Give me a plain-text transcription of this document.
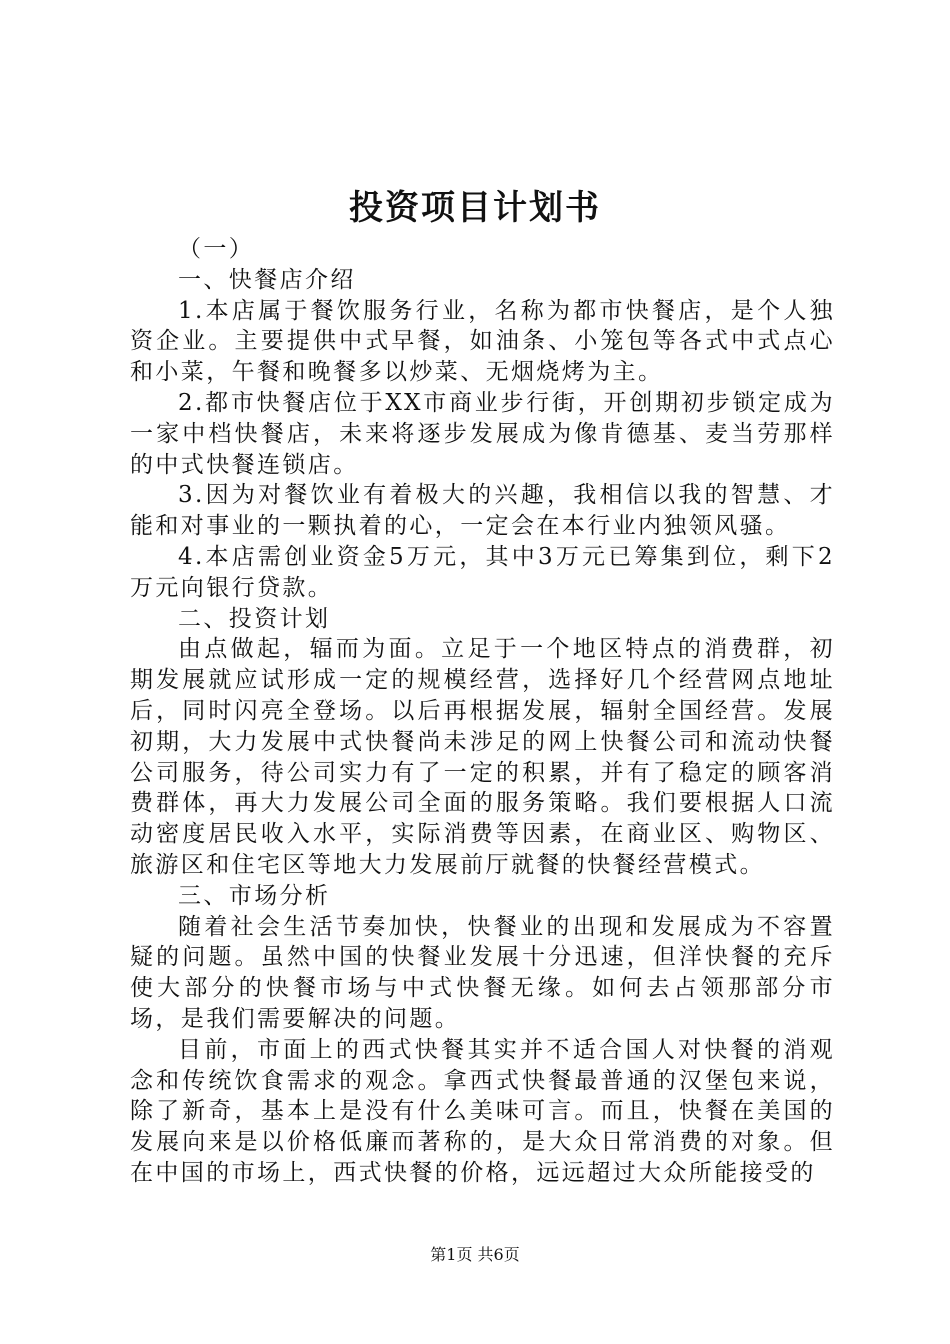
投资项目计划书

（一）

一、快餐店介绍

1.本店属于餐饮服务行业，名称为都市快餐店，是个人独资企业。主要提供中式早餐，如油条、小笼包等各式中式点心和小菜，午餐和晚餐多以炒菜、无烟烧烤为主。

2.都市快餐店位于XX市商业步行街，开创期初步锁定成为一家中档快餐店，未来将逐步发展成为像肯德基、麦当劳那样的中式快餐连锁店。

3.因为对餐饮业有着极大的兴趣，我相信以我的智慧、才能和对事业的一颗执着的心，一定会在本行业内独领风骚。

4.本店需创业资金5万元，其中3万元已筹集到位，剩下2万元向银行贷款。

二、投资计划

由点做起，辐而为面。立足于一个地区特点的消费群，初期发展就应试形成一定的规模经营，选择好几个经营网点地址后，同时闪亮全登场。以后再根据发展，辐射全国经营。发展初期，大力发展中式快餐尚未涉足的网上快餐公司和流动快餐公司服务，待公司实力有了一定的积累，并有了稳定的顾客消费群体，再大力发展公司全面的服务策略。我们要根据人口流动密度居民收入水平，实际消费等因素，在商业区、购物区、旅游区和住宅区等地大力发展前厅就餐的快餐经营模式。

三、市场分析

随着社会生活节奏加快，快餐业的出现和发展成为不容置疑的问题。虽然中国的快餐业发展十分迅速，但洋快餐的充斥使大部分的快餐市场与中式快餐无缘。如何去占领那部分市场，是我们需要解决的问题。

目前，市面上的西式快餐其实并不适合国人对快餐的消观念和传统饮食需求的观念。拿西式快餐最普通的汉堡包来说，除了新奇，基本上是没有什么美味可言。而且，快餐在美国的发展向来是以价格低廉而著称的，是大众日常消费的对象。但在中国的市场上，西式快餐的价格，远远超过大众所能接受的

第1页 共6页
